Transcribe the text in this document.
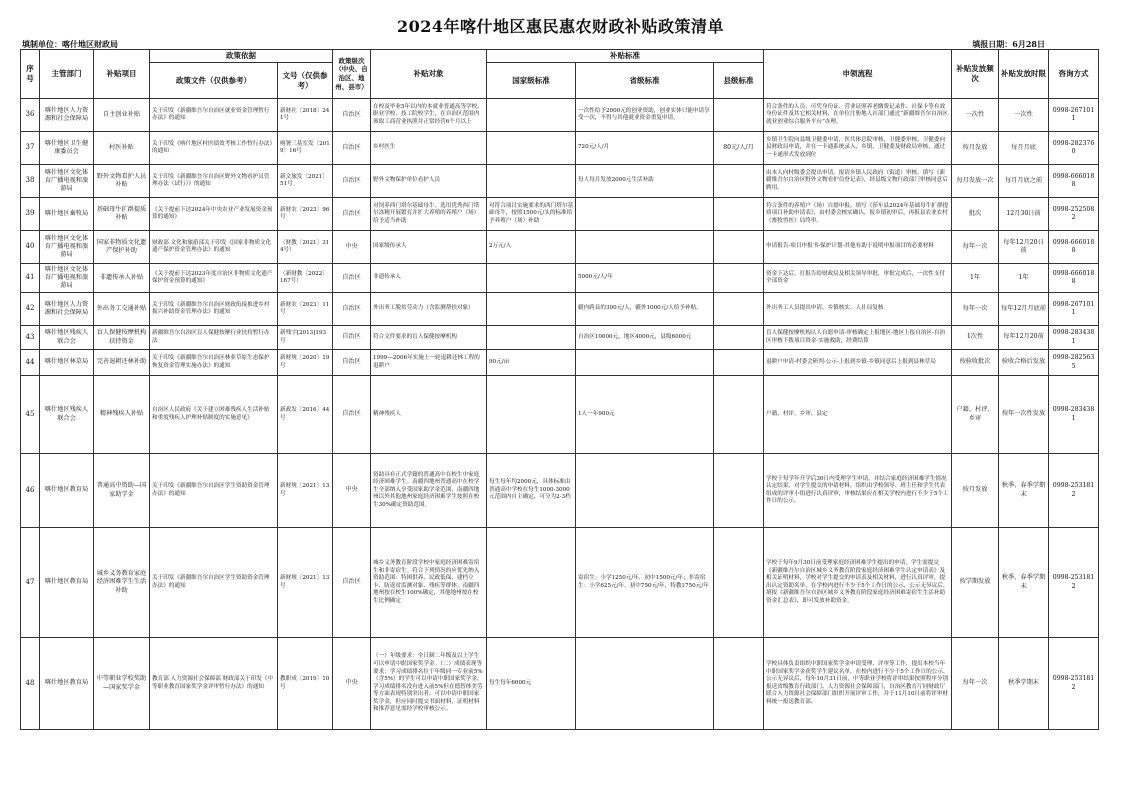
2024年喀什地区惠民惠农财政补贴政策清单
填制单位：喀什地区财政局	填报日期：6月28日
序号	主管部门	补贴项目	政策依据		政策级次（中央、自治区、地州、县市）	补贴对象	补贴标准			申领流程	补贴发放频次	补贴发放时限	咨询方式
			政策文件（仅供参考）	文号（仅供参考）			国家级标准	省级标准	县级标准				
36	喀什地区人力资源和社会保障局	自主创业补贴	关于印发《新疆维吾尔自治区就业资金管理暂行办法》的通知	新财社〔2018〕241号	自治区	在校及毕业5年以内的本就业普通高等学校、职业学校、技工院校学生，在自治区范围内领取工商营业执照并正常经营6个月以上		一次性给予2000元的创业资助，创业实体只能申请享受一次，不得与其他就业资金重复申请。		符合条件的人员，可凭身份证、营业证照养老缴费记录件、社保卡等有效身份证件及其它相关材料，在单位注册地人社部门通过“新疆维吾尔自治区就业创业综合服务平台”办理。	一次性	一次性	0998-2671011
37	喀什地区卫生健康委员会	村医补贴	关于印发《喀什地区村医绩效考核工作暂行办法》的通知	喀署三基室发〔2019〕16号	自治区	乡村医生		720元/人/月	80元/人/月	乡镇卫生院向县级卫健委申请，医共体总院审核，卫健委审核，卫健委向县财政局申请，并在一卡通系统录入，乡镇、卫健委及财政局审核，通过一卡通形式发放到位	按月发放	每月月底	0998-2823760
38	喀什地区文化体育广播电视和旅游局	野外文物看护人员补贴	关于印发《新疆维吾尔自治区野外文物看护员管理办法（试行）》的通知	新文旅发〔2021〕51号	自治区	野外文物保护单位看护人员		每人每月发放2000元生活补助		由本人向村级委会提出申请，报请乡镇人民政府（街道）审核，填写《新疆维吾尔自治区野外文物看护员登记表》，经县级文物行政部门审核同意后聘用。	每月发放一次	每月月底之前	0998-6660188
39	喀什地区畜牧局	基础母牛扩群提质补贴	《关于提前下达2024年中央农业产业发展资金预算的通知》	新财农〔2023〕96号	自治区	对饲养西门塔尔基础母牛、选用优秀西门塔尔冻精开展繁育并扩大养殖的养殖户（场）给予适当补助	对符合项目实施要求的西门塔尔基础母牛，按照1500元/头的标准给予养殖户（场）补助			符合条件的养殖户（场）自愿申报，填写《莎车县2024年基础母牛扩群提质项目补助申请表》，由村委会核实确认，报乡镇初审后，再报县农业农村（畜牧兽医）局终审。	批次	12月30日前	0998-2525082
40	喀什地区文化体育广播电视和旅游局	国家非物质文化遗产保护补助	财政部 文化和旅游部关于印发《国家非物质文化遗产保护资金管理办法》的通知	（财教〔2021〕314号）	中央	国家级传承人	2万元/人			申请报告-项目申报书-保护计划-其他有助于说明申报项目的必要材料	每年一次	每年12月20日前	0998-6660188
41	喀什地区文化体育广播电视和旅游局	非遗传承人补贴	《关于提前下达2023年度自治区非物质文化遗产保护资金预算的通知》	（新财教〔2022〕167号）	自治区	非遗传承人		5000元/人/年		资金下达后，打报告给财政局及相关领导审批，审批完成后，一次性支付全部资金	1年	1年	0998-6660188
42	喀什地区人力资源和社会保障局	外出务工交通补贴	关于印发《新疆维吾尔自治区财政衔接推进乡村振兴补助资金管理办法》的通知	新财农〔2023〕11号	自治区	外出务工脱贫劳动力（含监测帮扶对象）		疆内跨县的300元/人，疆外1000元/人给予补贴。		外出务工人员提出申请、乡镇核实、人社局复核	每年一次	每年12月月底前	0998-2671011
43	喀什地区残疾人联合会	盲人保健按摩机构扶持资金	新疆维吾尔自治区盲人保健按摩行业扶持暂行办法	新残字[2013]193号	自治区	符合文件要求的盲人保健按摩机构		自治区10000元，地区4000元，县级6000元		盲人保健按摩机构认人自愿申请-审核确定上报地区-地区上报自治区-自治区审核下拨项目资金-实施救助，经费结算	1次性	每年12月20前	0998-2834381
44	喀什地区林草局	完善退耕还林补助	关于印发《新疆维吾尔自治区林业草原生态保护恢复资金管理实施办法》的通知	新财规〔2020〕19号	自治区	1999—2006年实施上一轮退耕还林工程的退耕户	90元/亩			退耕户申请-村委会研判-公示-上报到乡镇-乡镇同意后上报到县林草局	按验收批次	验收合格后发放	0998-2825635
45	喀什地区残疾人联合会	精神残疾人补贴	自治区人民政府《关于建立困难残疾人生活补贴和重度残疾人护理补贴制度的实施意见》	新政发〔2016〕44号	自治区	精神残疾人		1人一年900元		户籍、村评、乡审、县定	户籍、村评、乡审	按年一次性发放	0998-2834381
46	喀什地区教育局	普通高中资助—国家助学金	关于印发《新疆维吾尔自治区学生资助资金管理办法》的通知	新财规〔2021〕13号	中央	资助具有正式学籍的普通高中在校生中家庭经济困难学生。南疆四地州普通高中在校学生全部纳入享受国家助学金范围，南疆四地州以外其他地州家庭经济困难学生按照在校生30%确定资助范围。	每生每年均2000元，具体标准由普通高中学校在每生1000-3000元范围内自主确定，可分为2-3档			学校于每学年开学后30日内受理学生申请，并结合家庭经济困难学生情况认定结果，对学生提交的申请材料，组织由学校领导、班主任和学生代表组成的评审小组进行认真评审，审核结果应在相关学校内进行不少于5个工作日的公示。	按月发放	秋季、春季学期末	0998-2531812
47	喀什地区教育局	城乡义务教育家庭经济困难学生生活补助	关于印发《新疆维吾尔自治区学生资助资金管理办法》的通知	新财规〔2021〕13号	自治区	城乡义务教育阶段学校中家庭经济困难寄宿生和非寄宿生。符合下列情况的应优先纳入资助范围：特困供养、民政低保、建档立卡、防返贫监测对象、残疾等群体。南疆四地州按在校生100%确定，其他地州按在校生比例确定		寄宿生：小学1250元/年，初中1500元/年；非寄宿生：小学625元/年，初中750元/年，特教1750元/年		学校于每年9月30日前受理家庭经济困难学生提出的申请，学生需提交《新疆维吾尔自治区城乡义务教育阶段家庭经济困难学生认定申请表》及相关证明材料，学校对学生提交的申请表及相关材料，进行认真评审，提出认定资助名单，在学校内进行不少于5个工作日的公示，公示无异议后，填报《新疆维吾尔自治区城乡义务教育阶段家庭经济困难寄宿生生活补助资金汇总表》，即可发放补助资金。	按学期发放	秋季、春季学期末	0998-2531812
48	喀什地区教育局	中等职业学校奖助—国家奖学金	教育部 人力资源社会保障部 财政部关于印发《中等职业教育国家奖学金评审暂行办法》的通知	教职成〔2019〕10号	中央	（一）年级要求：全日制二年级及以上学生可以申请中职国家奖学金。（二）成绩表现等要求：学习成绩排名位于年级同一专业前5%（含5%）的学生可以申请中职国家奖学金，学习成绩排名没有进入前5%但在德智体美劳等方面表现特别突出者，可以申请中职国家奖学金，但应同时提交书面材料，证明材料和推荐意见需经学校审核公示。	每生每年6000元			学校具体负责组织中职国家奖学金申请受理、评审等工作，提出本校当年中职国家奖学金获奖学生建议名单，在校内进行不少于5个工作日的公示，公示无异议后，每年10月31日前，中等职业学校将评审结果按照程序分别报送省级教育行政部门、人力资源社会保障部门，自治区教育厅同财政厅联合人力资源社会保障部门组织开展评审工作，并于11月10日前将评审材料统一报送教育部。	每年一次	秋季学期末	0998-2531812
